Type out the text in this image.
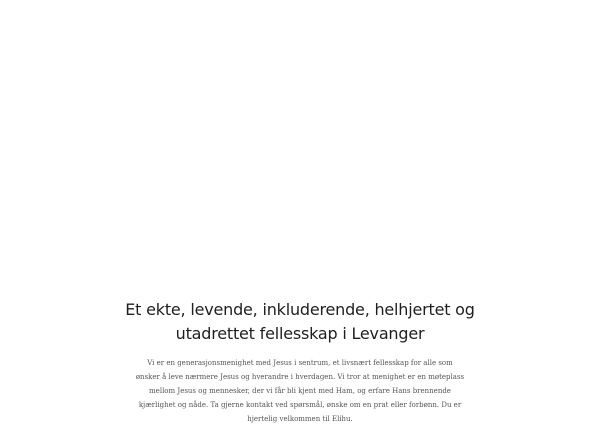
Et ekte, levende, inkluderende, helhjertet og
utadrettet fellesskap i Levanger

Vi er en generasjonsmenighet med Jesus i sentrum, et livsnært fellesskap for alle som ønsker å leve nærmere Jesus og hverandre i hverdagen. Vi tror at menighet er en møteplass mellom Jesus og mennesker, der vi får bli kjent med Ham, og erfare Hans brennende kjærlighet og nåde. Ta gjerne kontakt ved spørsmål, ønske om en prat eller forbønn. Du er hjertelig velkommen til Elihu.
